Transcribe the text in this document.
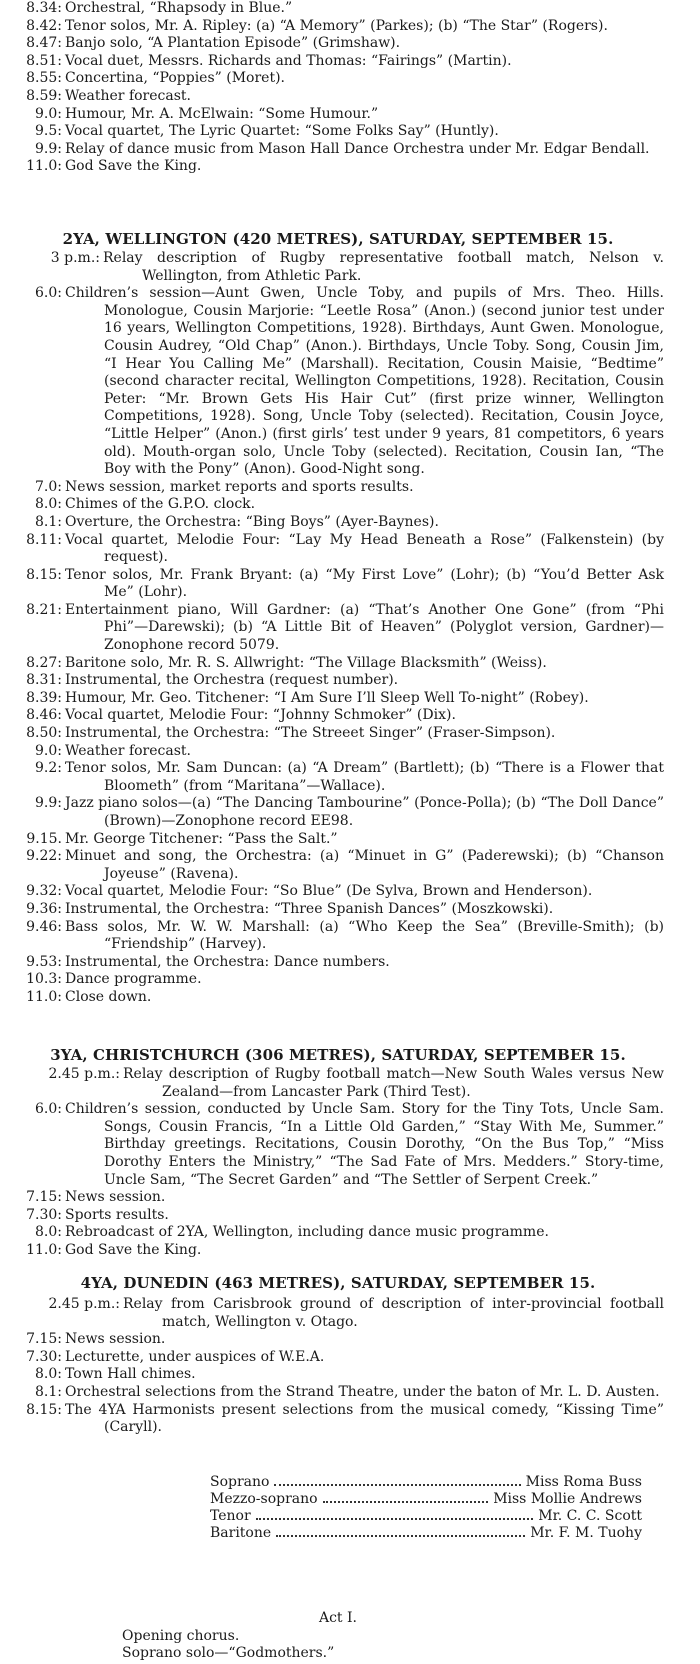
8.34: Orchestral, “Rhapsody in Blue.”
8.42: Tenor solos, Mr. A. Ripley: (a) “A Memory” (Parkes); (b) “The Star” (Rogers).
8.47: Banjo solo, “A Plantation Episode” (Grimshaw).
8.51: Vocal duet, Messrs. Richards and Thomas: “Fairings” (Martin).
8.55: Concertina, “Poppies” (Moret).
8.59: Weather forecast.
9.0: Humour, Mr. A. McElwain: “Some Humour.”
9.5: Vocal quartet, The Lyric Quartet: “Some Folks Say” (Huntly).
9.9: Relay of dance music from Mason Hall Dance Orchestra under Mr. Edgar Bendall.
11.0: God Save the King.
2YA, WELLINGTON (420 METRES), SATURDAY, SEPTEMBER 15.
3 p.m.: Relay description of Rugby representative football match, Nelson v. Wellington, from Athletic Park.
6.0: Children’s session—Aunt Gwen, Uncle Toby, and pupils of Mrs. Theo. Hills. Monologue, Cousin Marjorie: “Leetle Rosa” (Anon.) (second junior test under 16 years, Wellington Competitions, 1928). Birthdays, Aunt Gwen. Monologue, Cousin Audrey, “Old Chap” (Anon.). Birthdays, Uncle Toby. Song, Cousin Jim, “I Hear You Calling Me” (Marshall). Recitation, Cousin Maisie, “Bedtime” (second character recital, Wellington Competitions, 1928). Recitation, Cousin Peter: “Mr. Brown Gets His Hair Cut” (first prize winner, Wellington Competitions, 1928). Song, Uncle Toby (selected). Recitation, Cousin Joyce, “Little Helper” (Anon.) (first girls’ test under 9 years, 81 competitors, 6 years old). Mouth-organ solo, Uncle Toby (selected). Recitation, Cousin Ian, “The Boy with the Pony” (Anon). Good-Night song.
7.0: News session, market reports and sports results.
8.0: Chimes of the G.P.O. clock.
8.1: Overture, the Orchestra: “Bing Boys” (Ayer-Baynes).
8.11: Vocal quartet, Melodie Four: “Lay My Head Beneath a Rose” (Falkenstein) (by request).
8.15: Tenor solos, Mr. Frank Bryant: (a) “My First Love” (Lohr); (b) “You’d Better Ask Me” (Lohr).
8.21: Entertainment piano, Will Gardner: (a) “That’s Another One Gone” (from “Phi Phi”—Darewski); (b) “A Little Bit of Heaven” (Polyglot version, Gardner)—Zonophone record 5079.
8.27: Baritone solo, Mr. R. S. Allwright: “The Village Blacksmith” (Weiss).
8.31: Instrumental, the Orchestra (request number).
8.39: Humour, Mr. Geo. Titchener: “I Am Sure I’ll Sleep Well To-night” (Robey).
8.46: Vocal quartet, Melodie Four: “Johnny Schmoker” (Dix).
8.50: Instrumental, the Orchestra: “The Streeet Singer” (Fraser-Simpson).
9.0: Weather forecast.
9.2: Tenor solos, Mr. Sam Duncan: (a) “A Dream” (Bartlett); (b) “There is a Flower that Bloometh” (from “Maritana”—Wallace).
9.9: Jazz piano solos—(a) “The Dancing Tambourine” (Ponce-Polla); (b) “The Doll Dance” (Brown)—Zonophone record EE98.
9.15. Mr. George Titchener: “Pass the Salt.”
9.22: Minuet and song, the Orchestra: (a) “Minuet in G” (Paderewski); (b) “Chanson Joyeuse” (Ravena).
9.32: Vocal quartet, Melodie Four: “So Blue” (De Sylva, Brown and Henderson).
9.36: Instrumental, the Orchestra: “Three Spanish Dances” (Moszkowski).
9.46: Bass solos, Mr. W. W. Marshall: (a) “Who Keep the Sea” (Breville-Smith); (b) “Friendship” (Harvey).
9.53: Instrumental, the Orchestra: Dance numbers.
10.3: Dance programme.
11.0: Close down.
3YA, CHRISTCHURCH (306 METRES), SATURDAY, SEPTEMBER 15.
2.45 p.m.: Relay description of Rugby football match—New South Wales versus New Zealand—from Lancaster Park (Third Test).
6.0: Children’s session, conducted by Uncle Sam. Story for the Tiny Tots, Uncle Sam. Songs, Cousin Francis, “In a Little Old Garden,” “Stay With Me, Summer.” Birthday greetings. Recitations, Cousin Dorothy, “On the Bus Top,” “Miss Dorothy Enters the Ministry,” “The Sad Fate of Mrs. Medders.” Story-time, Uncle Sam, “The Secret Garden” and “The Settler of Serpent Creek.”
7.15: News session.
7.30: Sports results.
8.0: Rebroadcast of 2YA, Wellington, including dance music programme.
11.0: God Save the King.
4YA, DUNEDIN (463 METRES), SATURDAY, SEPTEMBER 15.
2.45 p.m.: Relay from Carisbrook ground of description of inter-provincial football match, Wellington v. Otago.
7.15: News session.
7.30: Lecturette, under auspices of W.E.A.
8.0: Town Hall chimes.
8.1: Orchestral selections from the Strand Theatre, under the baton of Mr. L. D. Austen.
8.15: The 4YA Harmonists present selections from the musical comedy, “Kissing Time” (Caryll).
Soprano	Miss Roma Buss
Mezzo-soprano	Miss Mollie Andrews
Tenor	Mr. C. C. Scott
Baritone	Mr. F. M. Tuohy
Act I.
Opening chorus.
Soprano solo—“Godmothers.”
